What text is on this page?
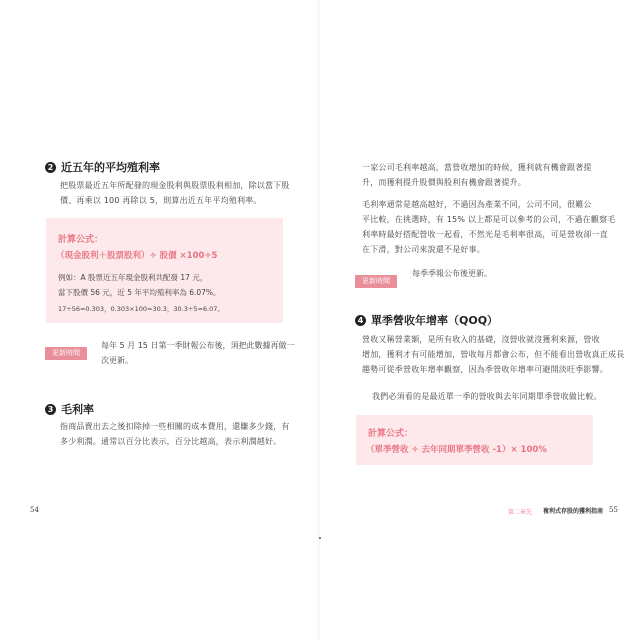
2 近五年的平均殖利率

把股票最近五年所配發的現金股利與股票股利相加，除以當下股

價、再乘以 100 再除以 5，則算出近五年平均殖利率。

計算公式：
（現金股利＋股票股利）÷ 股價 ×100÷5
例如：A 股票近五年現金股利共配發 17 元，
當下股價 56 元，近 5 年平均殖利率為 6.07%。
17÷56=0.303，0.303×100=30.3，30.3÷5=6.07。
更新時間
每年 5 月 15 日第一季財報公布後，須把此數據再做一
次更新。
3 毛利率

指商品賣出去之後扣除掉一些相關的成本費用，還賺多少錢，有

多少利潤。通常以百分比表示，百分比越高，表示利潤越好。

54

一家公司毛利率越高，當營收增加的時候，獲利就有機會跟著提

升，而獲利提升股價與股利有機會跟著提升。

毛利率通常是越高越好，不過因為產業不同，公司不同，很難公

平比較，在挑選時，有 15% 以上都是可以參考的公司，不過在觀察毛

利率時最好搭配營收一起看，不然光是毛利率很高，可是營收卻一直

在下滑，對公司來說還不是好事。

更新時間
每季季報公布後更新。
4 單季營收年增率（QOQ）

營收又稱營業額，是所有收入的基礎，沒營收就沒獲利來源，營收

增加，獲利才有可能增加，營收每月都會公布，但不能看出營收真正成長

趨勢可從季營收年增率觀察，因為季營收年增率可避開淡旺季影響。

我們必須看的是最近單一季的營收與去年同期單季營收做比較。

計算公式：
（單季營收 ÷ 去年同期單季營收 -1）× 100%
第二章先 複利式存股的獲利指南 55
